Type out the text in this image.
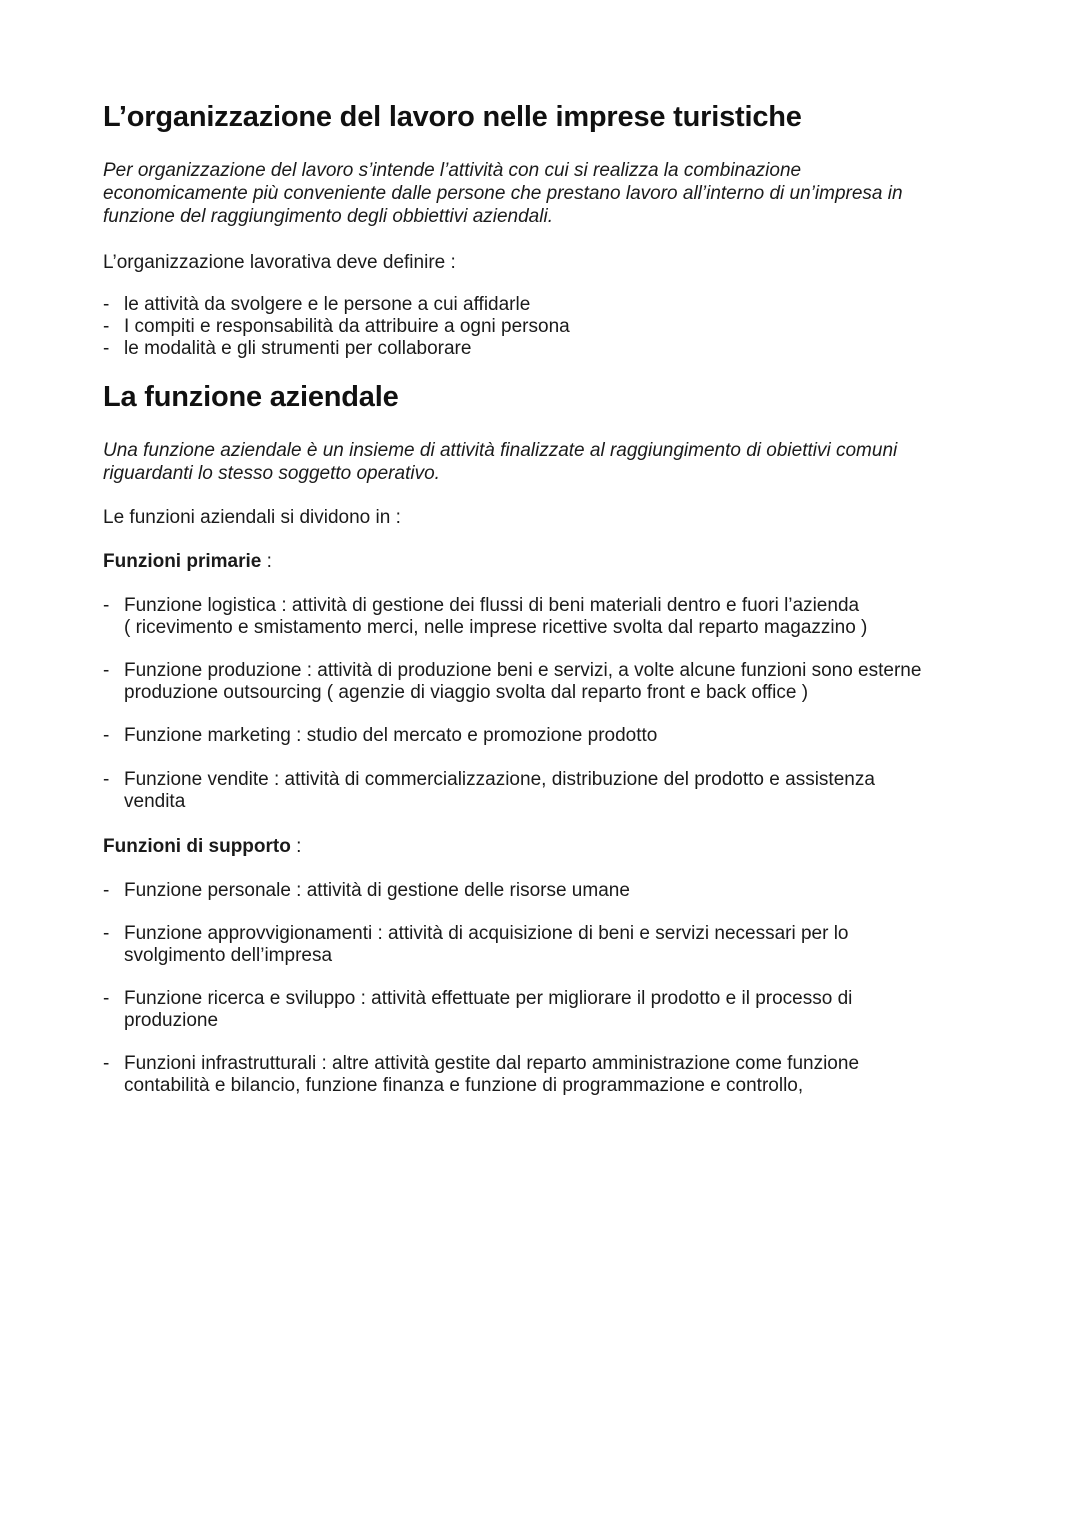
L’organizzazione del lavoro nelle imprese turistiche

Per organizzazione del lavoro s’intende l’attività con cui si realizza la combinazione
economicamente più conveniente dalle persone che prestano lavoro all’interno di un’impresa in
funzione del raggiungimento degli obbiettivi aziendali.

L’organizzazione lavorativa deve definire :

- le attività da svolgere e le persone a cui affidarle
- I compiti e responsabilità da attribuire a ogni persona
- le modalità e gli strumenti per collaborare
La funzione aziendale

Una funzione aziendale è un insieme di attività finalizzate al raggiungimento di obiettivi comuni
riguardanti lo stesso soggetto operativo.

Le funzioni aziendali si dividono in :

Funzioni primarie :

- Funzione logistica : attività di gestione dei flussi di beni materiali dentro e fuori l’azienda
( ricevimento e smistamento merci, nelle imprese ricettive svolta dal reparto magazzino )
- Funzione produzione : attività di produzione beni e servizi, a volte alcune funzioni sono esterne
produzione outsourcing ( agenzie di viaggio svolta dal reparto front e back office )
- Funzione marketing : studio del mercato e promozione prodotto
- Funzione vendite : attività di commercializzazione, distribuzione del prodotto e assistenza
vendita

Funzioni di supporto :

- Funzione personale : attività di gestione delle risorse umane
- Funzione approvvigionamenti : attività di acquisizione di beni e servizi necessari per lo
svolgimento dell’impresa
- Funzione ricerca e sviluppo : attività effettuate per migliorare il prodotto e il processo di
produzione
- Funzioni infrastrutturali : altre attività gestite dal reparto amministrazione come funzione
contabilità e bilancio, funzione finanza e funzione di programmazione e controllo,
